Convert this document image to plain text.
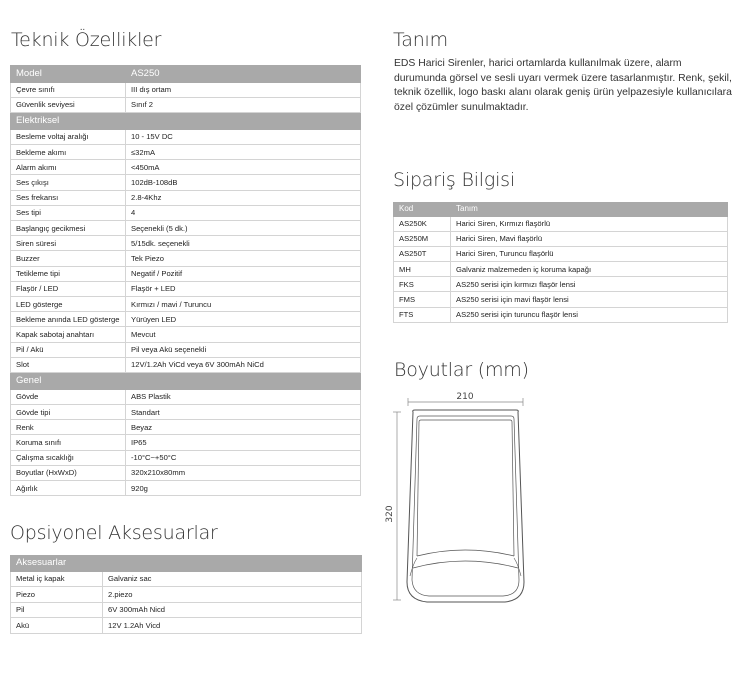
Teknik Özellikler	Tanım
Sipariş Bilgisi
Boyutlar (mm)
Opsiyonel Aksesuarlar
EDS Harici Sirenler, harici ortamlarda kullanılmak üzere, alarm durumunda görsel ve sesli uyarı vermek üzere tasarlanmıştır. Renk, şekil, teknik özellik, logo baskı alanı olarak geniş ürün yelpazesiyle kullanıcılara özel çözümler sunulmaktadır.
Model	AS250
Çevre sınıfı	III dış ortam
Güvenlik seviyesi	Sınıf 2
Elektriksel	
Besleme voltaj aralığı	10 - 15V DC
Bekleme akımı	≤32mA
Alarm akımı	<450mA
Ses çıkışı	102dB-108dB
Ses frekansı	2.8-4Khz
Ses tipi	4
Başlangıç gecikmesi	Seçenekli (5 dk.)
Siren süresi	5/15dk. seçenekli
Buzzer	Tek Piezo
Tetikleme tipi	Negatif / Pozitif
Flaşör / LED	Flaşör + LED
LED gösterge	Kırmızı / mavi / Turuncu
Bekleme anında LED gösterge	Yürüyen LED
Kapak sabotaj anahtarı	Mevcut
Pil / Akü	Pil veya Akü seçenekli
Slot	12V/1.2Ah ViCd veya 6V 300mAh NiCd
Genel	
Gövde	ABS Plastik
Gövde tipi	Standart
Renk	Beyaz
Koruma sınıfı	IP65
Çalışma sıcaklığı	-10°C~+50°C
Boyutlar (HxWxD)	320x210x80mm
Ağırlık	920g
Kod	Tanım
AS250K	Harici Siren, Kırmızı flaşörlü
AS250M	Harici Siren, Mavi flaşörlü
AS250T	Harici Siren, Turuncu flaşörlü
MH	Galvaniz malzemeden iç koruma kapağı
FKS	AS250 serisi için kırmızı flaşör lensi
FMS	AS250 serisi için mavi flaşör lensi
FTS	AS250 serisi için turuncu flaşör lensi
Aksesuarlar	
Metal iç kapak	Galvaniz sac
Piezo	2.piezo
Pil	6V 300mAh Nicd
Akü	12V 1.2Ah Vicd
210
320
